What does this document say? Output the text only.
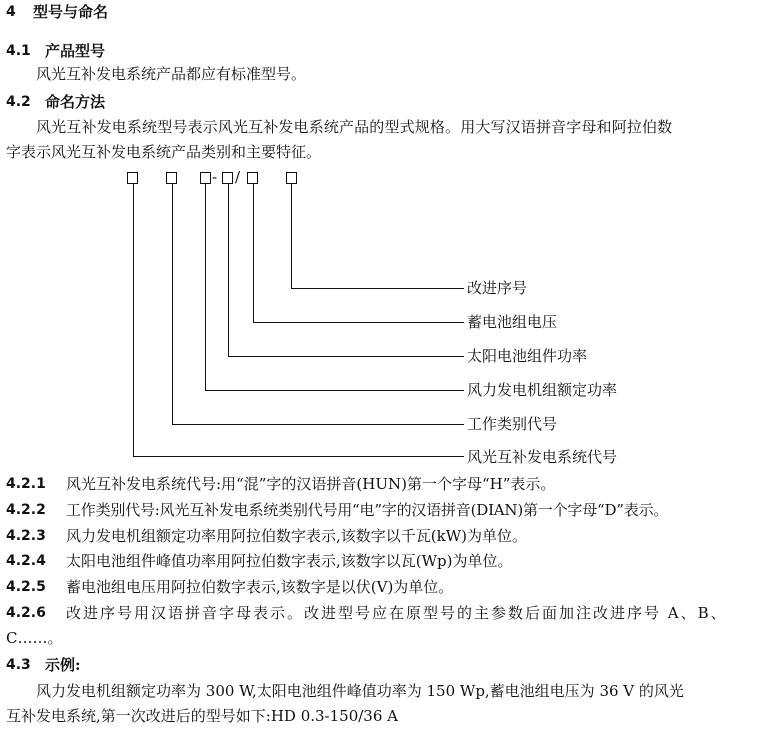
4 型号与命名
4.1 产品型号
风光互补发电系统产品都应有标准型号。
4.2 命名方法
风光互补发电系统型号表示风光互补发电系统产品的型式规格。用大写汉语拼音字母和阿拉伯数
字表示风光互补发电系统产品类别和主要特征。
- /
改进序号
蓄电池组电压
太阳电池组件功率
风力发电机组额定功率
工作类别代号
风光互补发电系统代号
4.2.1 风光互补发电系统代号:用“混”字的汉语拼音(HUN)第一个字母“H”表示。
4.2.2 工作类别代号:风光互补发电系统类别代号用“电”字的汉语拼音(DIAN)第一个字母“D”表示。
4.2.3 风力发电机组额定功率用阿拉伯数字表示,该数字以千瓦(kW)为单位。
4.2.4 太阳电池组件峰值功率用阿拉伯数字表示,该数字以瓦(Wp)为单位。
4.2.5 蓄电池组电压用阿拉伯数字表示,该数字是以伏(V)为单位。
4.2.6 改进序号用汉语拼音字母表示。改进型号应在原型号的主参数后面加注改进序号 A、B、
C……。
4.3 示例:
风力发电机组额定功率为 300 W,太阳电池组件峰值功率为 150 Wp,蓄电池组电压为 36 V 的风光
互补发电系统,第一次改进后的型号如下:HD 0.3-150/36 A
